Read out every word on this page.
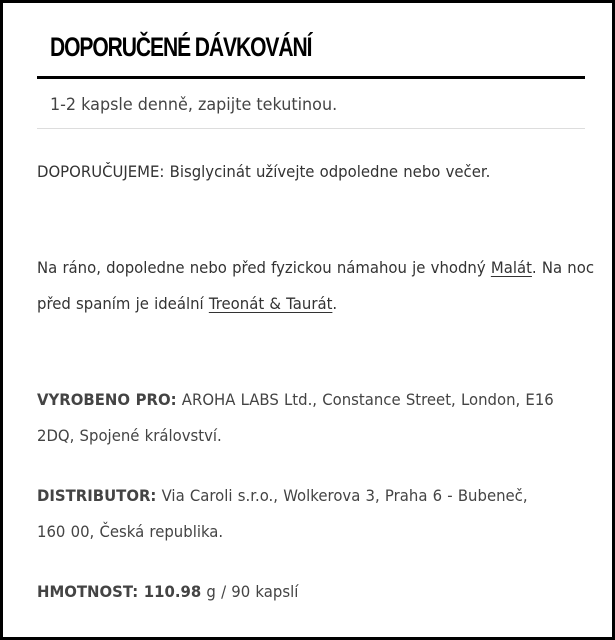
DOPORUČENÉ DÁVKOVÁNÍ
1-2 kapsle denně, zapijte tekutinou.

DOPORUČUJEME: Bisglycinát užívejte odpoledne nebo večer.

Na ráno, dopoledne nebo před fyzickou námahou je vhodný Malát. Na noc před spaním je ideální Treonát & Taurát.

VYROBENO PRO: AROHA LABS Ltd., Constance Street, London, E16 2DQ, Spojené království.

DISTRIBUTOR: Via Caroli s.r.o., Wolkerova 3, Praha 6 - Bubeneč, 160 00, Česká republika.

HMOTNOST: 110.98 g / 90 kapslí
